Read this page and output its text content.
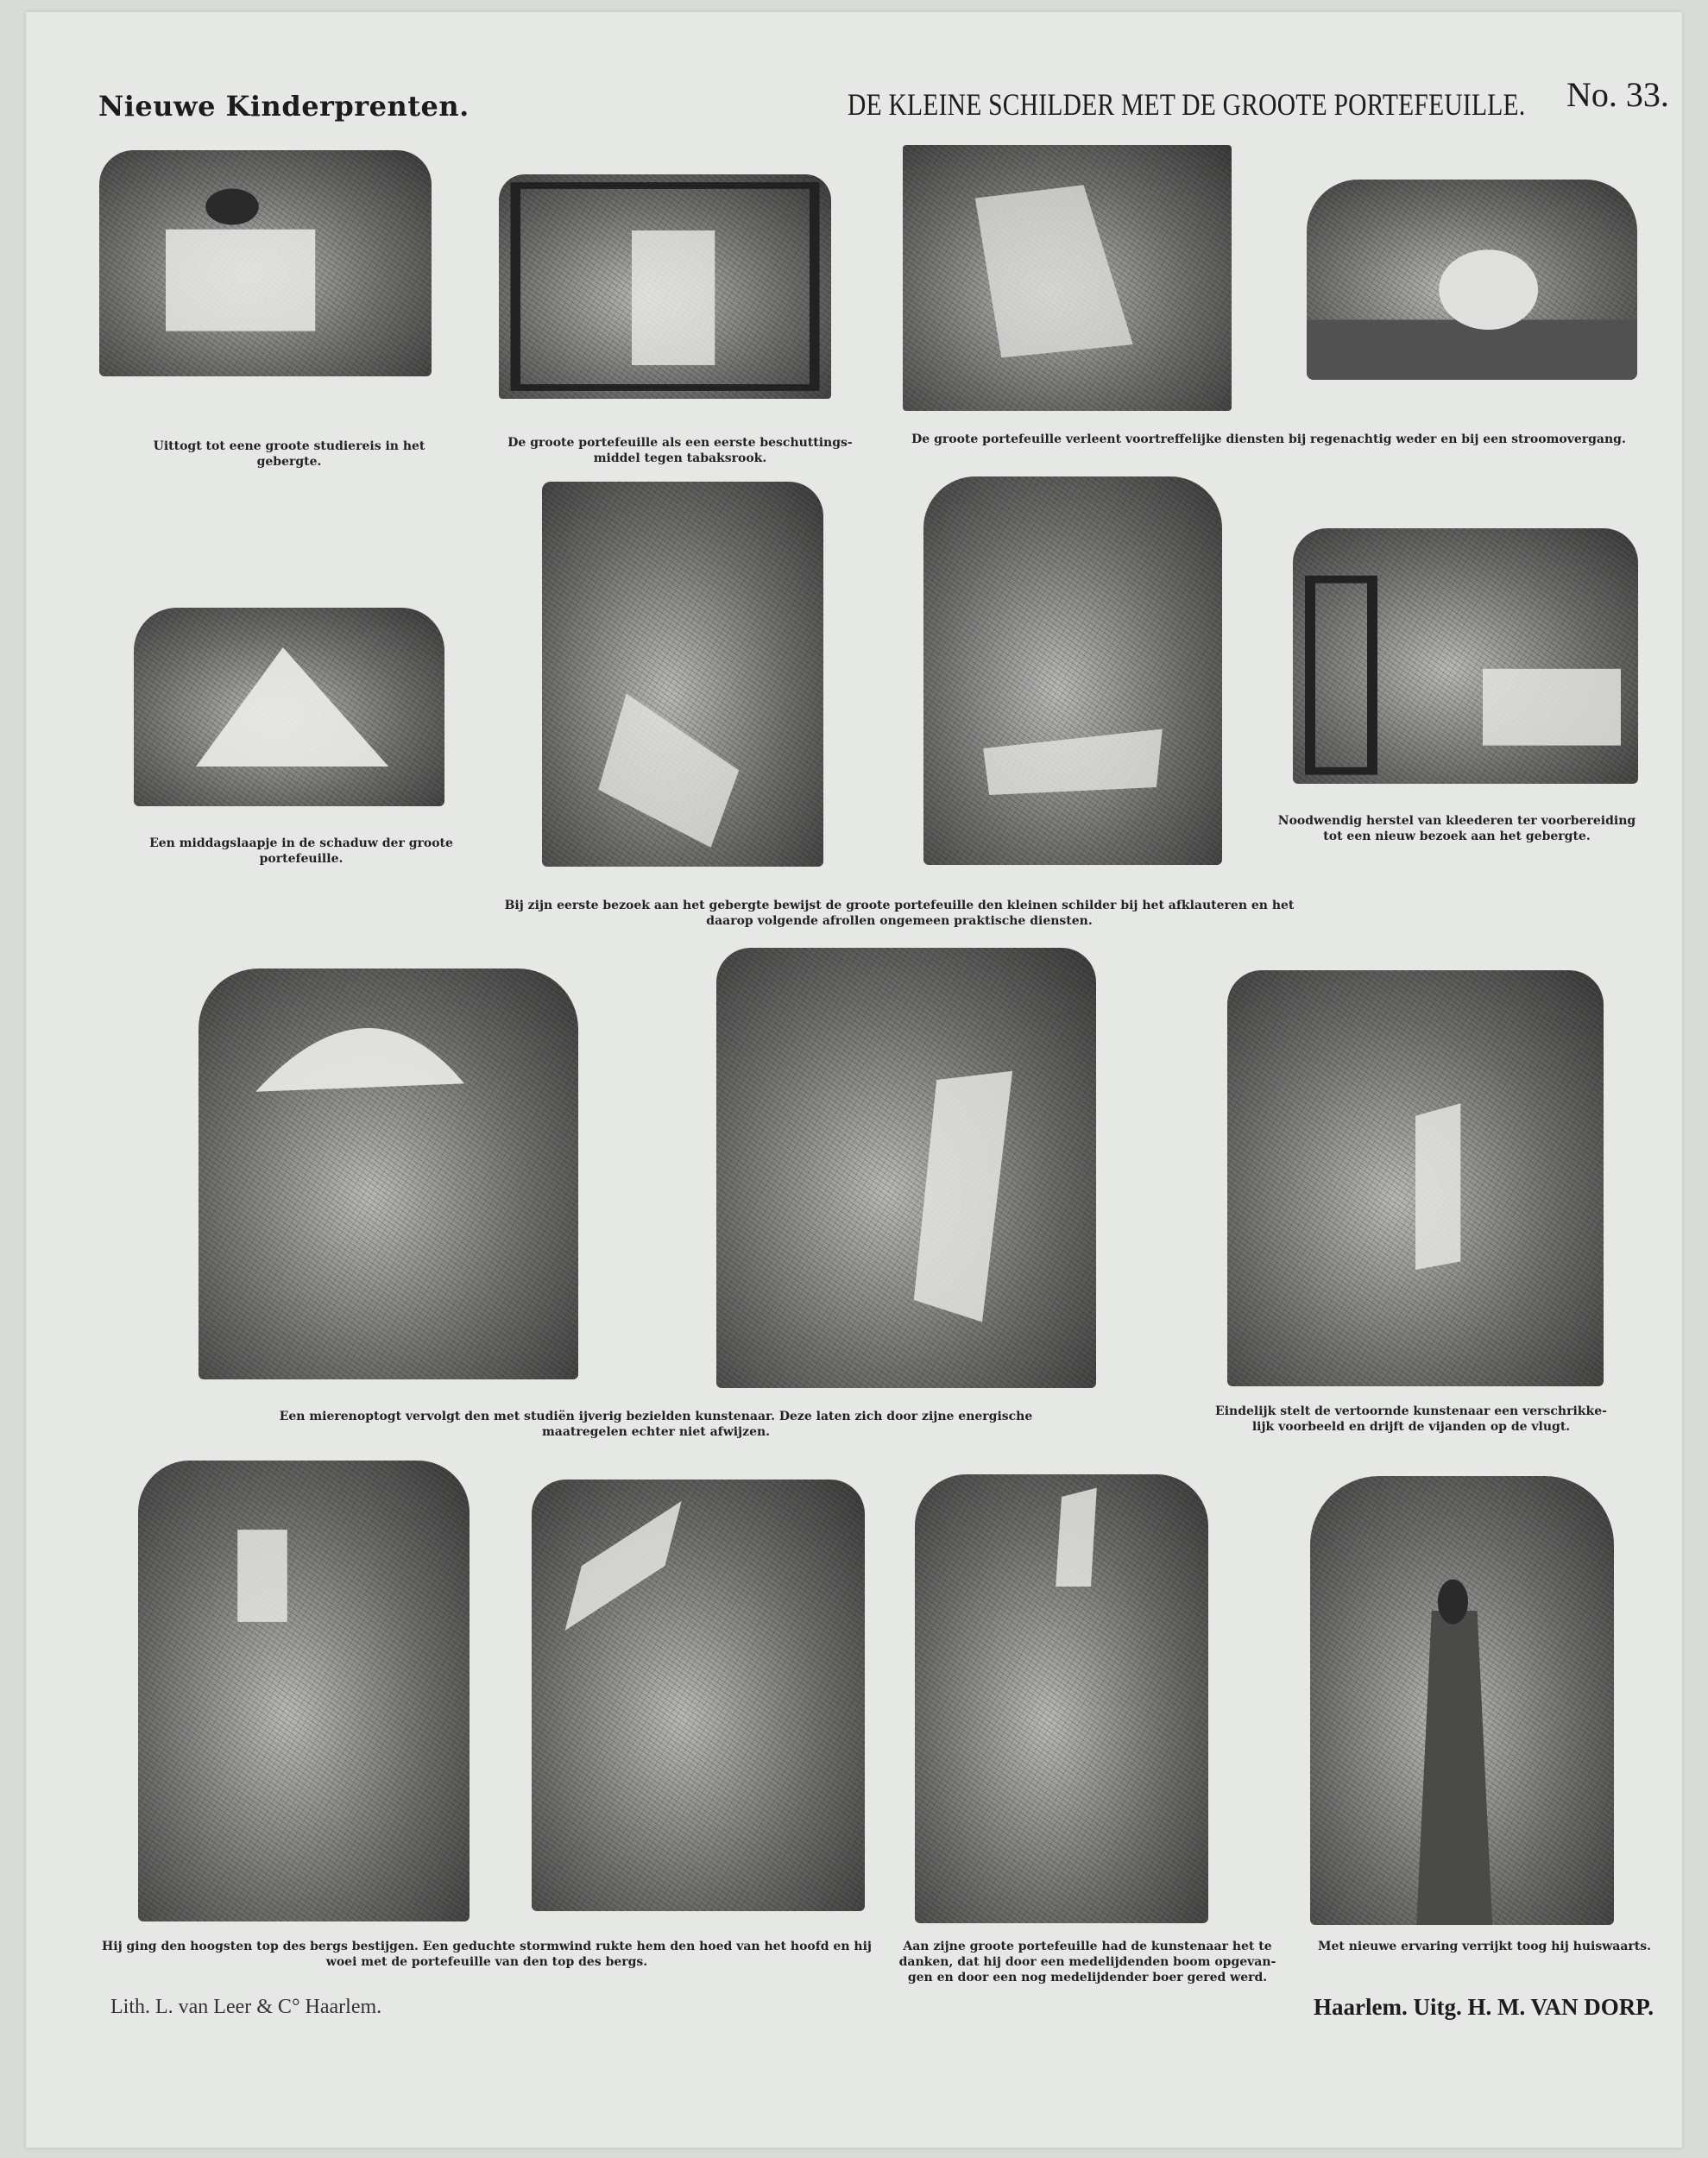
Nieuwe Kinderprenten.	DE KLEINE SCHILDER MET DE GROOTE PORTEFEUILLE. No. 33.
Uittogt tot eene groote studiereis in het gebergte.
De groote portefeuille als een eerste beschuttings-middel tegen tabaksrook.
De groote portefeuille verleent voortreffelijke diensten bij regenachtig weder en bij een stroomovergang.
Een middagslaapje in de schaduw der groote portefeuille.
Noodwendig herstel van kleederen ter voorbereiding tot een nieuw bezoek aan het gebergte.
Bij zijn eerste bezoek aan het gebergte bewijst de groote portefeuille den kleinen schilder bij het afklauteren en het daarop volgende afrollen ongemeen praktische diensten.
Een mierenoptogt vervolgt den met studiën ijverig bezielden kunstenaar. Deze laten zich door zijne energische maatregelen echter niet afwijzen.
Eindelijk stelt de vertoornde kunstenaar een verschrikke-lijk voorbeeld en drijft de vijanden op de vlugt.
Hij ging den hoogsten top des bergs bestijgen. Een geduchte stormwind rukte hem den hoed van het hoofd en hij woei met de portefeuille van den top des bergs.
Aan zijne groote portefeuille had de kunstenaar het te danken, dat hij door een medelijdenden boom opgevan-gen en door een nog medelijdender boer gered werd.
Met nieuwe ervaring verrijkt toog hij huiswaarts.
Lith. L. van Leer & C° Haarlem.	Haarlem. Uitg. H. M. VAN DORP.
